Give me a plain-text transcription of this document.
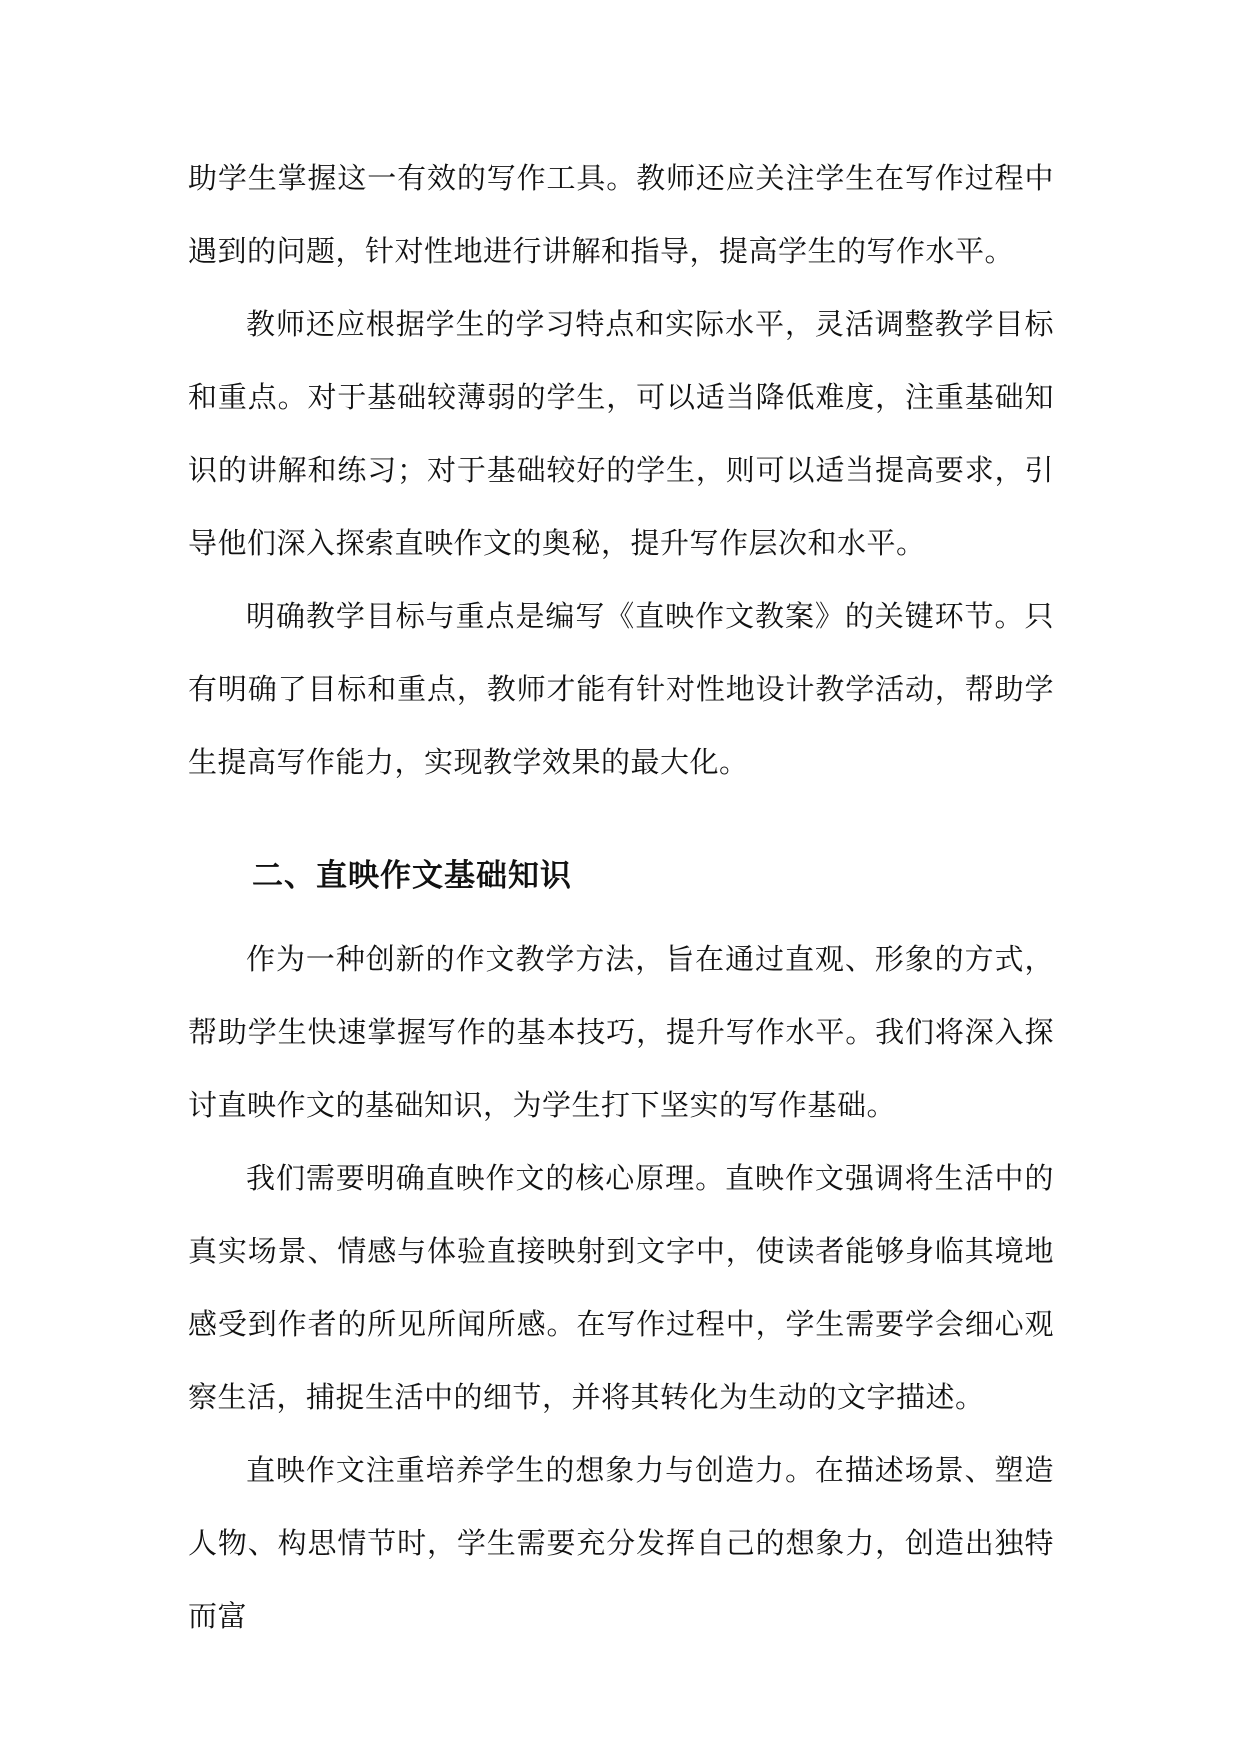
助学生掌握这一有效的写作工具。教师还应关注学生在写作过程中遇到的问题，针对性地进行讲解和指导，提高学生的写作水平。

教师还应根据学生的学习特点和实际水平，灵活调整教学目标和重点。对于基础较薄弱的学生，可以适当降低难度，注重基础知识的讲解和练习；对于基础较好的学生，则可以适当提高要求，引导他们深入探索直映作文的奥秘，提升写作层次和水平。

明确教学目标与重点是编写《直映作文教案》的关键环节。只有明确了目标和重点，教师才能有针对性地设计教学活动，帮助学生提高写作能力，实现教学效果的最大化。

二、直映作文基础知识

作为一种创新的作文教学方法，旨在通过直观、形象的方式，帮助学生快速掌握写作的基本技巧，提升写作水平。我们将深入探讨直映作文的基础知识，为学生打下坚实的写作基础。

我们需要明确直映作文的核心原理。直映作文强调将生活中的真实场景、情感与体验直接映射到文字中，使读者能够身临其境地感受到作者的所见所闻所感。在写作过程中，学生需要学会细心观察生活，捕捉生活中的细节，并将其转化为生动的文字描述。

直映作文注重培养学生的想象力与创造力。在描述场景、塑造人物、构思情节时，学生需要充分发挥自己的想象力，创造出独特而富
